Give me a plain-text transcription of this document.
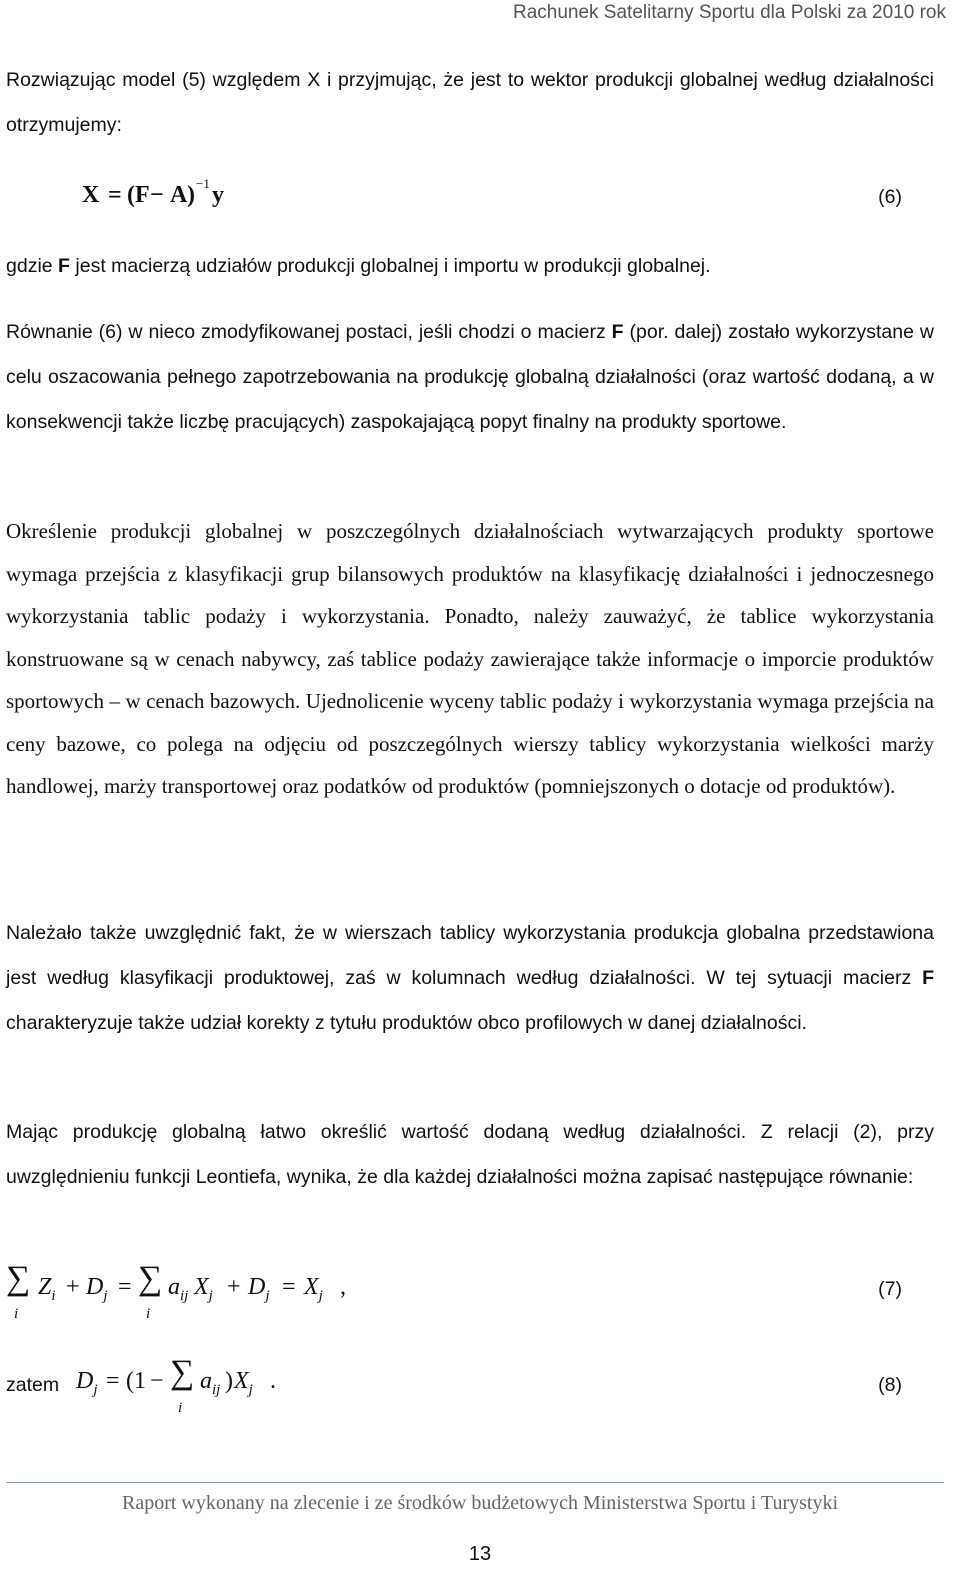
Rachunek Satelitarny Sportu dla Polski za 2010 rok

Rozwiązując model (5) względem X i przyjmując, że jest to wektor produkcji globalnej według działalności otrzymujemy:

X = ( F − A ) −1 y	(6)

gdzie F jest macierzą udziałów produkcji globalnej i importu w produkcji globalnej.

Równanie (6) w nieco zmodyfikowanej postaci, jeśli chodzi o macierz F (por. dalej) zostało wykorzystane w celu oszacowania pełnego zapotrzebowania na produkcję globalną działalności (oraz wartość dodaną, a w konsekwencji także liczbę pracujących) zaspokajającą popyt finalny na produkty sportowe.

Określenie produkcji globalnej w poszczególnych działalnościach wytwarzających produkty sportowe wymaga przejścia z klasyfikacji grup bilansowych produktów na klasyfikację działalności i jednoczesnego wykorzystania tablic podaży i wykorzystania. Ponadto, należy zauważyć, że tablice wykorzystania konstruowane są w cenach nabywcy, zaś tablice podaży zawierające także informacje o imporcie produktów sportowych – w cenach bazowych. Ujednolicenie wyceny tablic podaży i wykorzystania wymaga przejścia na ceny bazowe, co polega na odjęciu od poszczególnych wierszy tablicy wykorzystania wielkości marży handlowej, marży transportowej oraz podatków od produktów (pomniejszonych o dotacje od produktów).

Należało także uwzględnić fakt, że w wierszach tablicy wykorzystania produkcja globalna przedstawiona jest według klasyfikacji produktowej, zaś w kolumnach według działalności. W tej sytuacji macierz F charakteryzuje także udział korekty z tytułu produktów obco profilowych w danej działalności.

Mając produkcję globalną łatwo określić wartość dodaną według działalności. Z relacji (2), przy uwzględnieniu funkcji Leontiefa, wynika, że dla każdej działalności można zapisać następujące równanie:

∑
i
$Z_i + D_j$ = ∑
i
$a_{ij}$ $X_j + D_j = X_j$ ,	(7)
zatem $D_j = (1$ − ∑
i
$a_{ij}$ ) $X_j$ .	(8)
Raport wykonany na zlecenie i ze środków budżetowych Ministerstwa Sportu i Turystyki
13
